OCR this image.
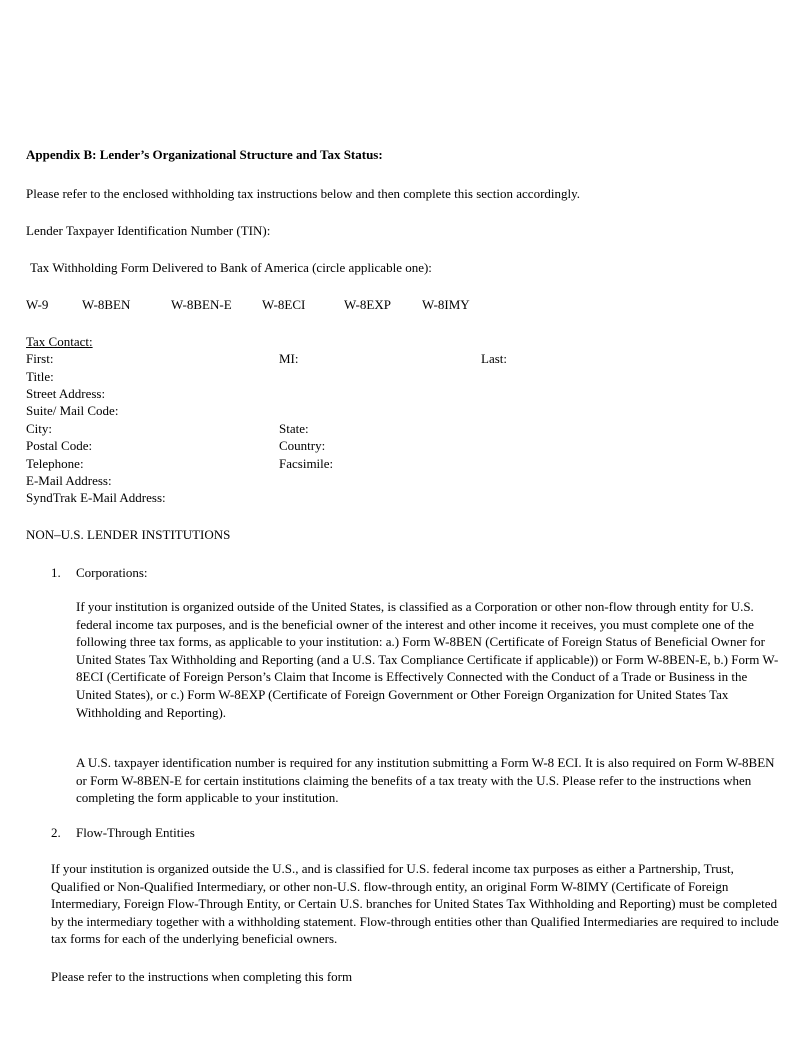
Appendix B: Lender’s Organizational Structure and Tax Status:
Please refer to the enclosed withholding tax instructions below and then complete this section accordingly.
Lender Taxpayer Identification Number (TIN):
Tax Withholding Form Delivered to Bank of America (circle applicable one):
W-9	W-8BEN	W-8BEN-E W-8ECI	W-8EXP W-8IMY
Tax Contact:
First:	MI:	Last:
Title:
Street Address:
Suite/ Mail Code:
City:	State:
Postal Code:	Country:
Telephone:	Facsimile:
E-Mail Address:
SyndTrak E-Mail Address:
NON–U.S. LENDER INSTITUTIONS
1. Corporations:

If your institution is organized outside of the United States, is classified as a Corporation or other non-flow through entity for U.S. federal income tax purposes, and is the beneficial owner of the interest and other income it receives, you must complete one of the following three tax forms, as applicable to your institution: a.) Form W-8BEN (Certificate of Foreign Status of Beneficial Owner for United States Tax Withholding and Reporting (and a U.S. Tax Compliance Certificate if applicable)) or Form W-8BEN-E, b.) Form W-8ECI (Certificate of Foreign Person’s Claim that Income is Effectively Connected with the Conduct of a Trade or Business in the United States), or c.) Form W-8EXP (Certificate of Foreign Government or Other Foreign Organization for United States Tax Withholding and Reporting).

A U.S. taxpayer identification number is required for any institution submitting a Form W-8 ECI. It is also required on Form W-8BEN or Form W-8BEN-E for certain institutions claiming the benefits of a tax treaty with the U.S. Please refer to the instructions when completing the form applicable to your institution.

2. Flow-Through Entities

If your institution is organized outside the U.S., and is classified for U.S. federal income tax purposes as either a Partnership, Trust, Qualified or Non-Qualified Intermediary, or other non-U.S. flow-through entity, an original Form W-8IMY (Certificate of Foreign Intermediary, Foreign Flow-Through Entity, or Certain U.S. branches for United States Tax Withholding and Reporting) must be completed by the intermediary together with a withholding statement. Flow-through entities other than Qualified Intermediaries are required to include tax forms for each of the underlying beneficial owners.

Please refer to the instructions when completing this form
